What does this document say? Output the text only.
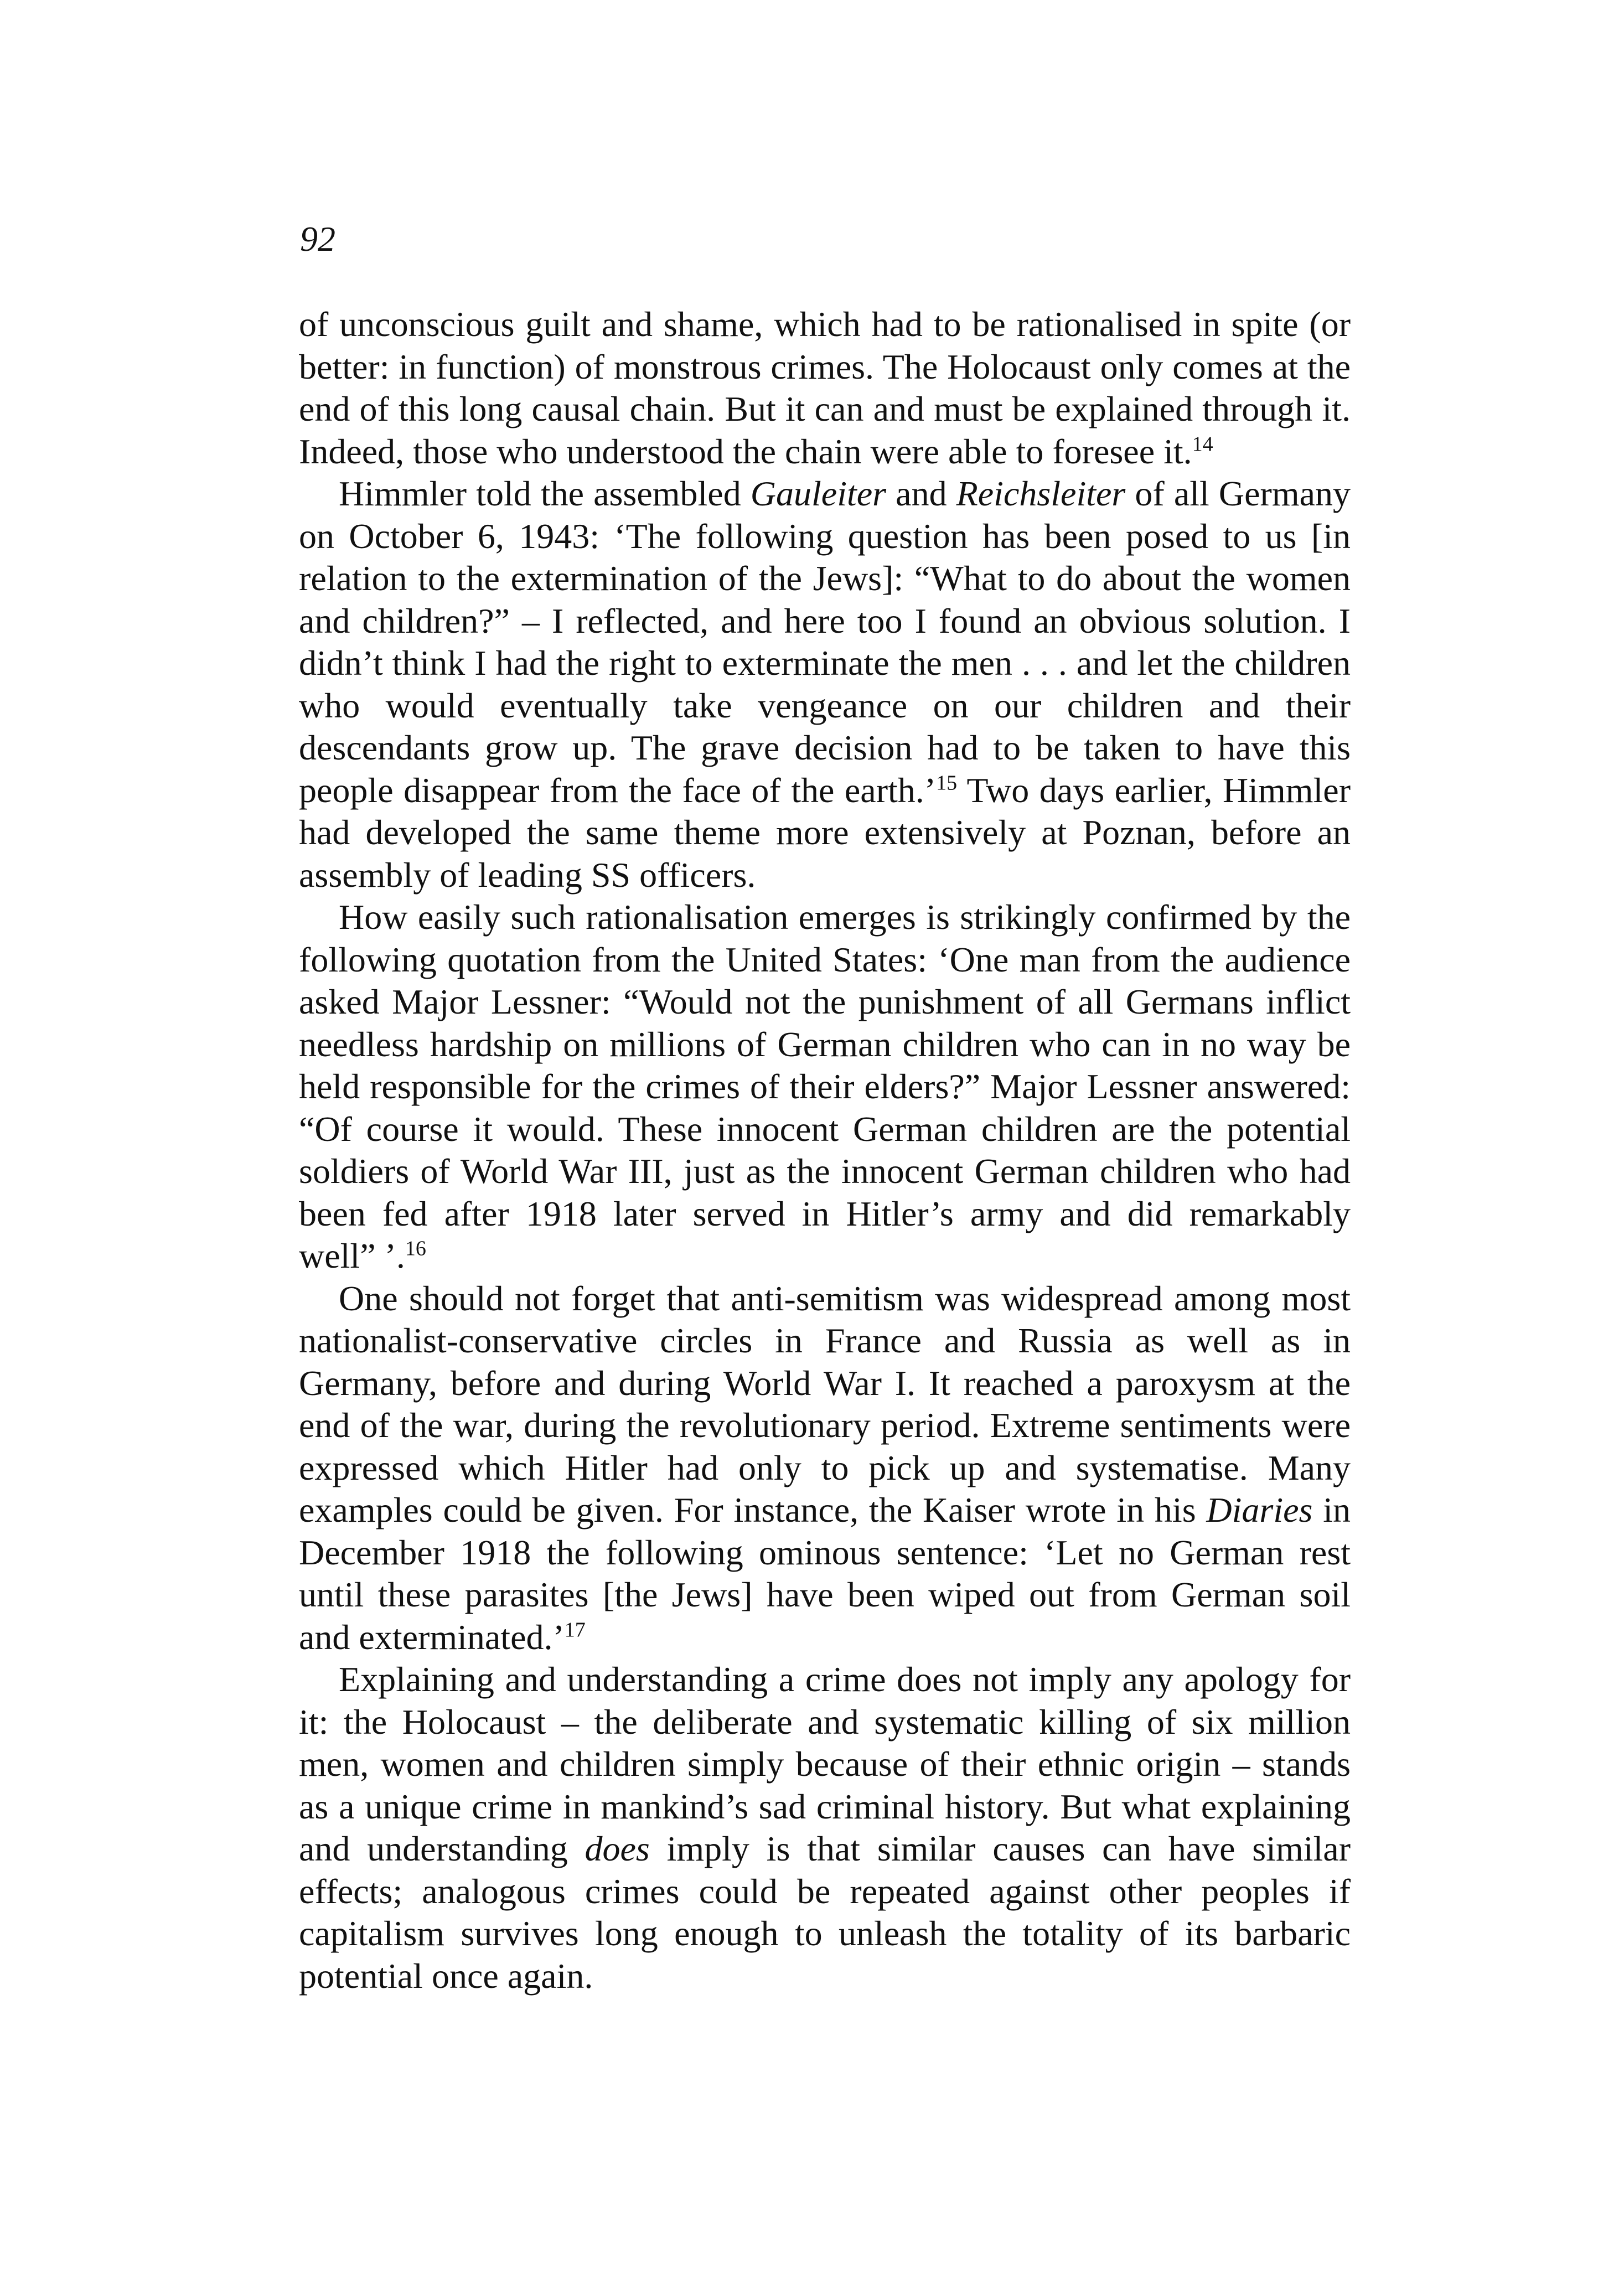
92

of unconscious guilt and shame, which had to be rationalised in spite (or better: in function) of monstrous crimes. The Holocaust only comes at the end of this long causal chain. But it can and must be explained through it. Indeed, those who understood the chain were able to foresee it.$^{14}$

Himmler told the assembled Gauleiter and Reichsleiter of all Germany on October 6, 1943: ‘The following question has been posed to us [in relation to the extermination of the Jews]: “What to do about the women and children?” – I reflected, and here too I found an obvious solution. I didn’t think I had the right to exterminate the men . . . and let the children who would eventually take vengeance on our children and their descendants grow up. The grave decision had to be taken to have this people disappear from the face of the earth.’$^{15}$ Two days earlier, Himmler had developed the same theme more extensively at Poznan, before an assembly of leading SS officers.

How easily such rationalisation emerges is strikingly confirmed by the following quotation from the United States: ‘One man from the audience asked Major Lessner: “Would not the punishment of all Germans inflict needless hardship on millions of German children who can in no way be held responsible for the crimes of their elders?” Major Lessner answered: “Of course it would. These innocent German children are the potential soldiers of World War III, just as the innocent German children who had been fed after 1918 later served in Hitler’s army and did remarkably well” ’.$^{16}$

One should not forget that anti-semitism was widespread among most nationalist-conservative circles in France and Russia as well as in Germany, before and during World War I. It reached a paroxysm at the end of the war, during the revolutionary period. Extreme sentiments were expressed which Hitler had only to pick up and systematise. Many examples could be given. For instance, the Kaiser wrote in his Diaries in December 1918 the following ominous sentence: ‘Let no German rest until these parasites [the Jews] have been wiped out from German soil and exterminated.’$^{17}$

Explaining and understanding a crime does not imply any apology for it: the Holocaust – the deliberate and systematic killing of six million men, women and children simply because of their ethnic origin – stands as a unique crime in mankind’s sad criminal history. But what explaining and understanding does imply is that similar causes can have similar effects; analogous crimes could be repeated against other peoples if capitalism survives long enough to unleash the totality of its barbaric potential once again.
